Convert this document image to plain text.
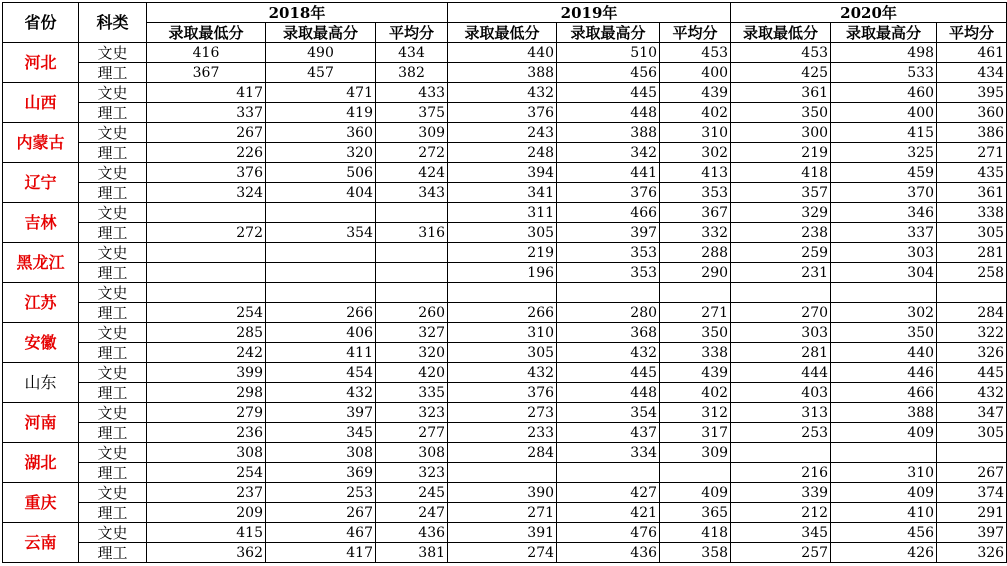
省份	科类	2018年			2019年			2020年		
		录取最低分	录取最高分	平均分	录取最低分	录取最高分	平均分	录取最低分	录取最高分	平均分
河北	文史	416	490	434	440	510	453	453	498	461
	理工	367	457	382	388	456	400	425	533	434
山西	文史	417	471	433	432	445	439	361	460	395
	理工	337	419	375	376	448	402	350	400	360
内蒙古	文史	267	360	309	243	388	310	300	415	386
	理工	226	320	272	248	342	302	219	325	271
辽宁	文史	376	506	424	394	441	413	418	459	435
	理工	324	404	343	341	376	353	357	370	361
吉林	文史				311	466	367	329	346	338
	理工	272	354	316	305	397	332	238	337	305
黑龙江	文史				219	353	288	259	303	281
	理工				196	353	290	231	304	258
江苏	文史									
	理工	254	266	260	266	280	271	270	302	284
安徽	文史	285	406	327	310	368	350	303	350	322
	理工	242	411	320	305	432	338	281	440	326
山东	文史	399	454	420	432	445	439	444	446	445
	理工	298	432	335	376	448	402	403	466	432
河南	文史	279	397	323	273	354	312	313	388	347
	理工	236	345	277	233	437	317	253	409	305
湖北	文史	308	308	308	284	334	309			
	理工	254	369	323				216	310	267
重庆	文史	237	253	245	390	427	409	339	409	374
	理工	209	267	247	271	421	365	212	410	291
云南	文史	415	467	436	391	476	418	345	456	397
	理工	362	417	381	274	436	358	257	426	326
